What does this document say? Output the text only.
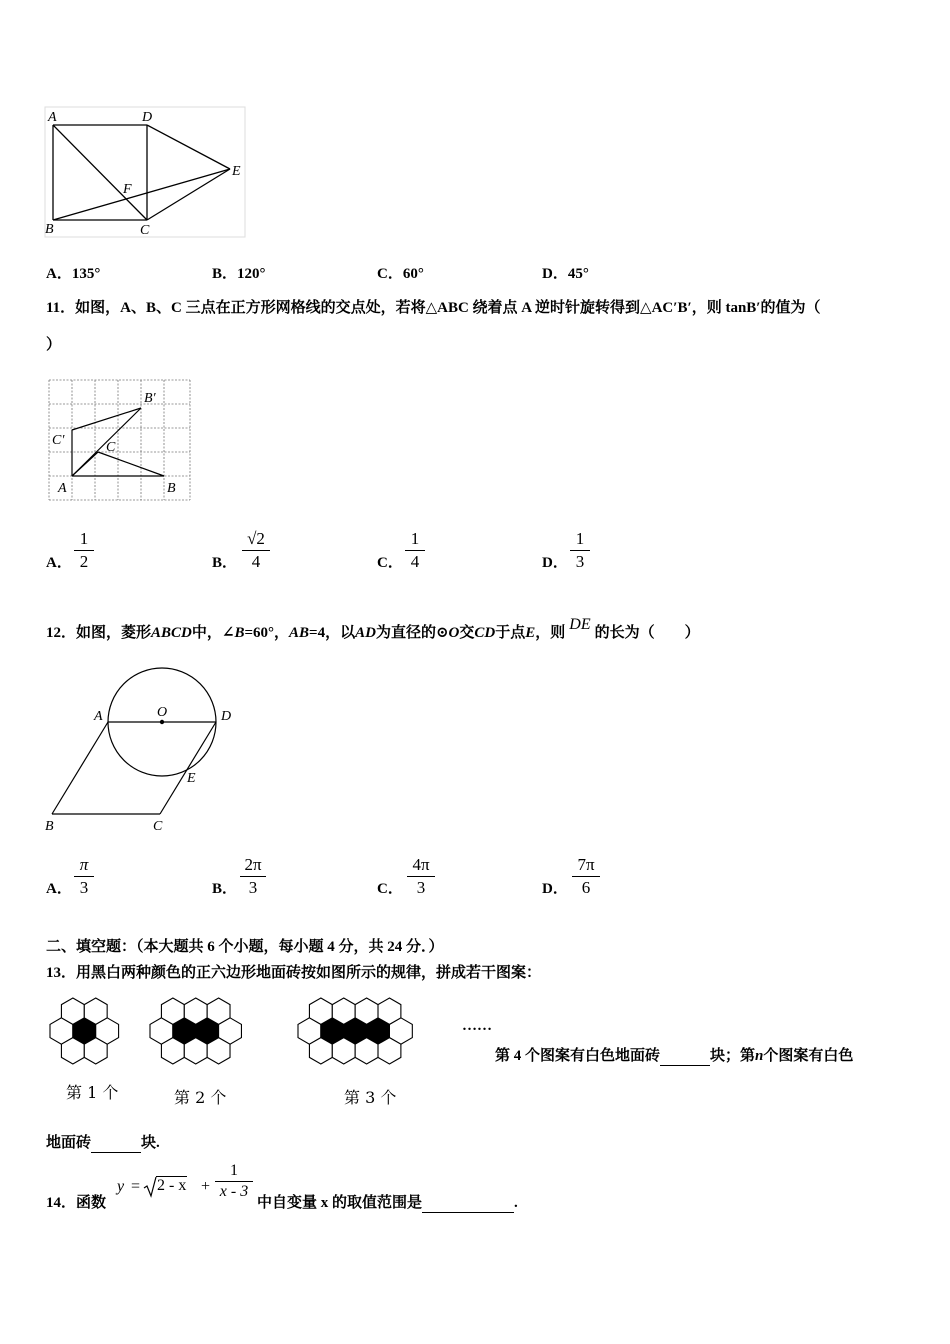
A	D
E
F
B	C
A．135°	B．120°	C．60°	D．45°
11．如图，A、B、C 三点在正方形网格线的交点处，若将△ABC 绕着点 A 逆时针旋转得到△AC′B′，则 tanB′的值为（
）
B′
C′	C
A	B
A．
1
2	B．
√2
4	C．
1
4	D．
1
3
12．如图，菱形ABCD中，∠B=60°，AB=4，以AD为直径的⊙O交CD于点E，则 DE 的长为（　　）
A	O	D
E
B	C
A．
π
3	B．
2π
3	C．
4π
3	D．
7π
6
二、填空题：（本大题共 6 个小题，每小题 4 分，共 24 分．）
13．用黑白两种颜色的正六边形地面砖按如图所示的规律，拼成若干图案：
……
第 1 个	第 2 个	第 3 个
第 4 个图案有白色地面砖	块；第n个图案有白色
地面砖	块.
14．函数
y = 2 - x +
1
x - 3
中自变量 x 的取值范围是	.
